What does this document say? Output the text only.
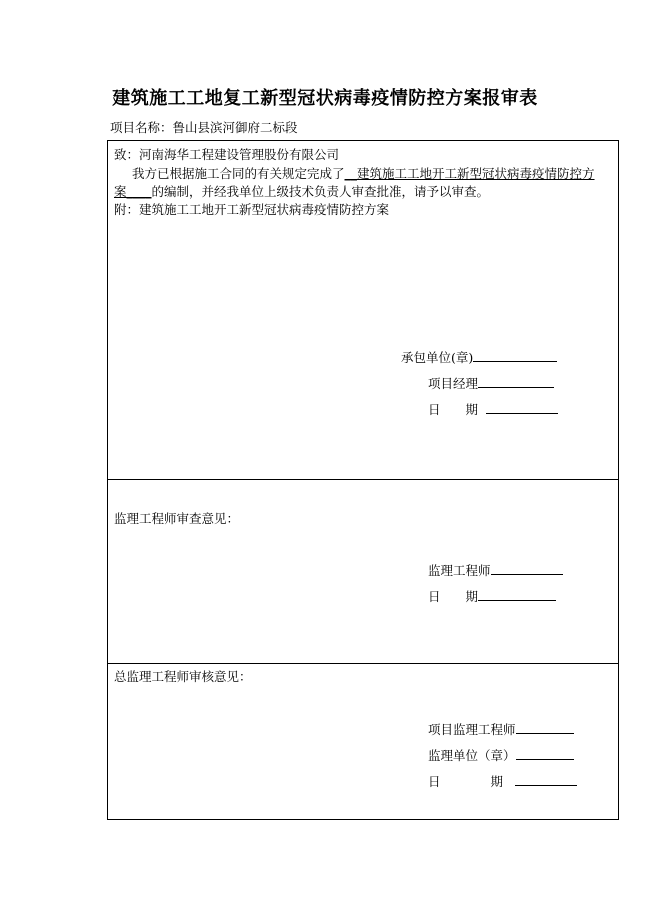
建筑施工工地复工新型冠状病毒疫情防控方案报审表
项目名称：鲁山县滨河御府二标段
致：河南海华工程建设管理股份有限公司
我方已根据施工合同的有关规定完成了__建筑施工工地开工新型冠状病毒疫情防控方
案____的编制，并经我单位上级技术负责人审查批准，请予以审查。
附：建筑施工工地开工新型冠状病毒疫情防控方案
承包单位(章)
项目经理
日　　期
监理工程师审查意见：
监理工程师
日　　期
总监理工程师审核意见：
项目监理工程师
监理单位（章）
日　　　　期
